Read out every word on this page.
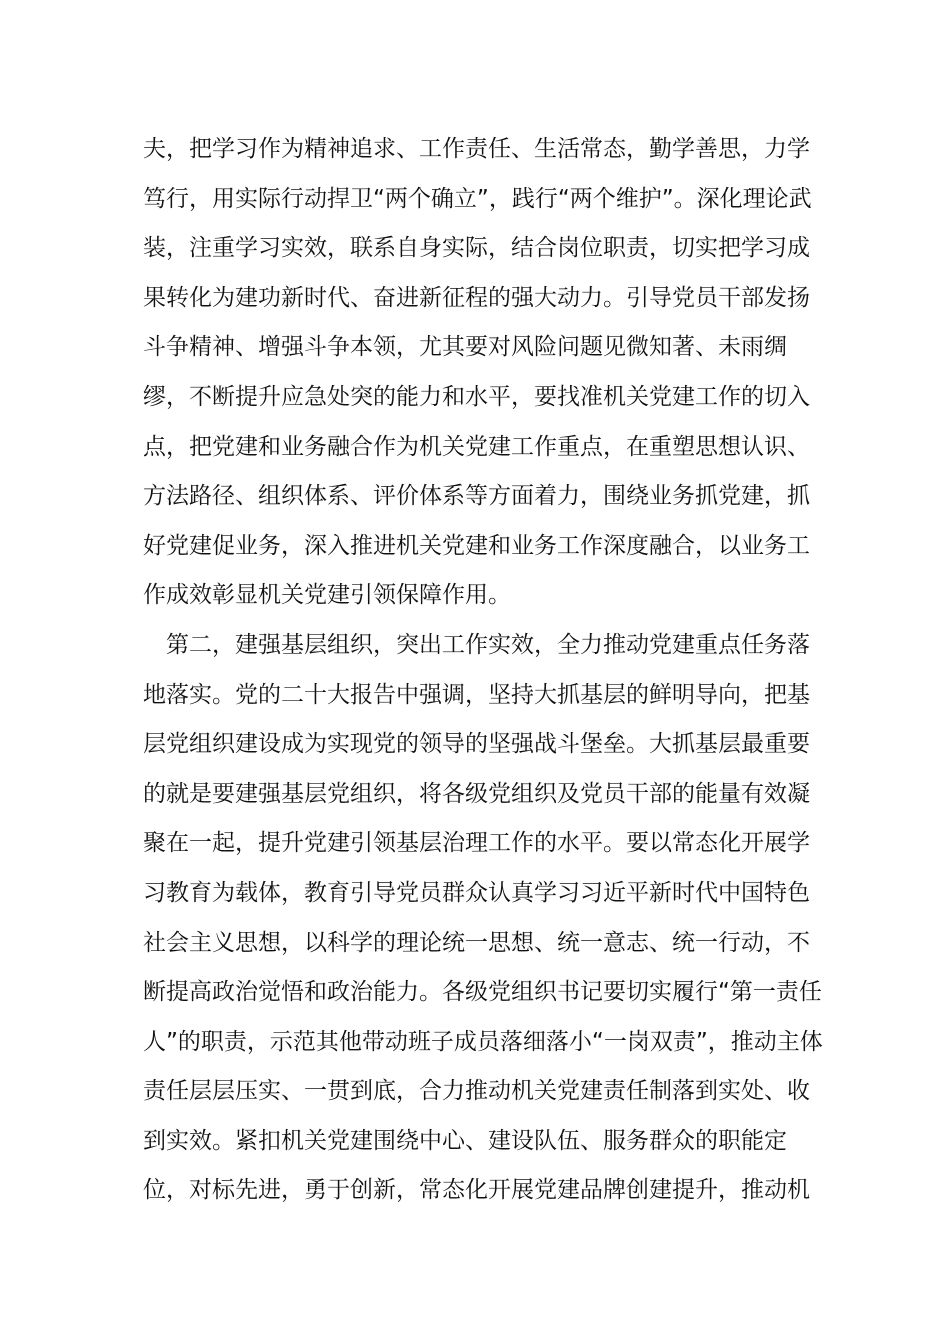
夫，把学习作为精神追求、工作责任、生活常态，勤学善思，力学
笃行，用实际行动捍卫“两个确立”，践行“两个维护”。深化理论武
装，注重学习实效，联系自身实际，结合岗位职责，切实把学习成
果转化为建功新时代、奋进新征程的强大动力。引导党员干部发扬
斗争精神、增强斗争本领，尤其要对风险问题见微知著、未雨绸
缪，不断提升应急处突的能力和水平，要找准机关党建工作的切入
点，把党建和业务融合作为机关党建工作重点，在重塑思想认识、
方法路径、组织体系、评价体系等方面着力，围绕业务抓党建，抓
好党建促业务，深入推进机关党建和业务工作深度融合，以业务工
作成效彰显机关党建引领保障作用。
　第二，建强基层组织，突出工作实效，全力推动党建重点任务落
地落实。党的二十大报告中强调，坚持大抓基层的鲜明导向，把基
层党组织建设成为实现党的领导的坚强战斗堡垒。大抓基层最重要
的就是要建强基层党组织，将各级党组织及党员干部的能量有效凝
聚在一起，提升党建引领基层治理工作的水平。要以常态化开展学
习教育为载体，教育引导党员群众认真学习习近平新时代中国特色
社会主义思想，以科学的理论统一思想、统一意志、统一行动，不
断提高政治觉悟和政治能力。各级党组织书记要切实履行“第一责任
人”的职责，示范其他带动班子成员落细落小“一岗双责”，推动主体
责任层层压实、一贯到底，合力推动机关党建责任制落到实处、收
到实效。紧扣机关党建围绕中心、建设队伍、服务群众的职能定
位，对标先进，勇于创新，常态化开展党建品牌创建提升，推动机
